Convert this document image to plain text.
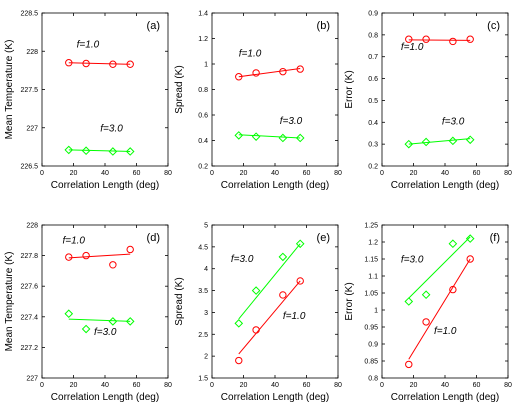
0	20	40	60	80
226.5
227
227.5
228
228.5
Correlation Length (deg)
Mean Temperature (K)
(a)
f=1.0
f=3.0
0	20	40	60	80
0.2
0.4
0.6
0.8
1
1.2
1.4
Correlation Length (deg)
Spread (K)
(b)
f=1.0
f=3.0
0	20	40	60	80
0.2
0.3
0.4
0.5
0.6
0.7
0.8
0.9
Correlation Length (deg)
Error (K)
(c)
f=1.0
f=3.0
0	20	40	60	80
227
227.2
227.4
227.6
227.8
228
Correlation Length (deg)
Mean Temperature (K)
(d)
f=1.0
f=3.0
0	20	40	60	80
1.5
2
2.5
3
3.5
4
4.5
5
Correlation Length (deg)
Spread (K)
(e)
f=3.0
f=1.0
0	20	40	60	80
0.8
0.85
0.9
0.95
1
1.05
1.1
1.15
1.2
1.25
Correlation Length (deg)
Error (K)
(f)
f=3.0
f=1.0
